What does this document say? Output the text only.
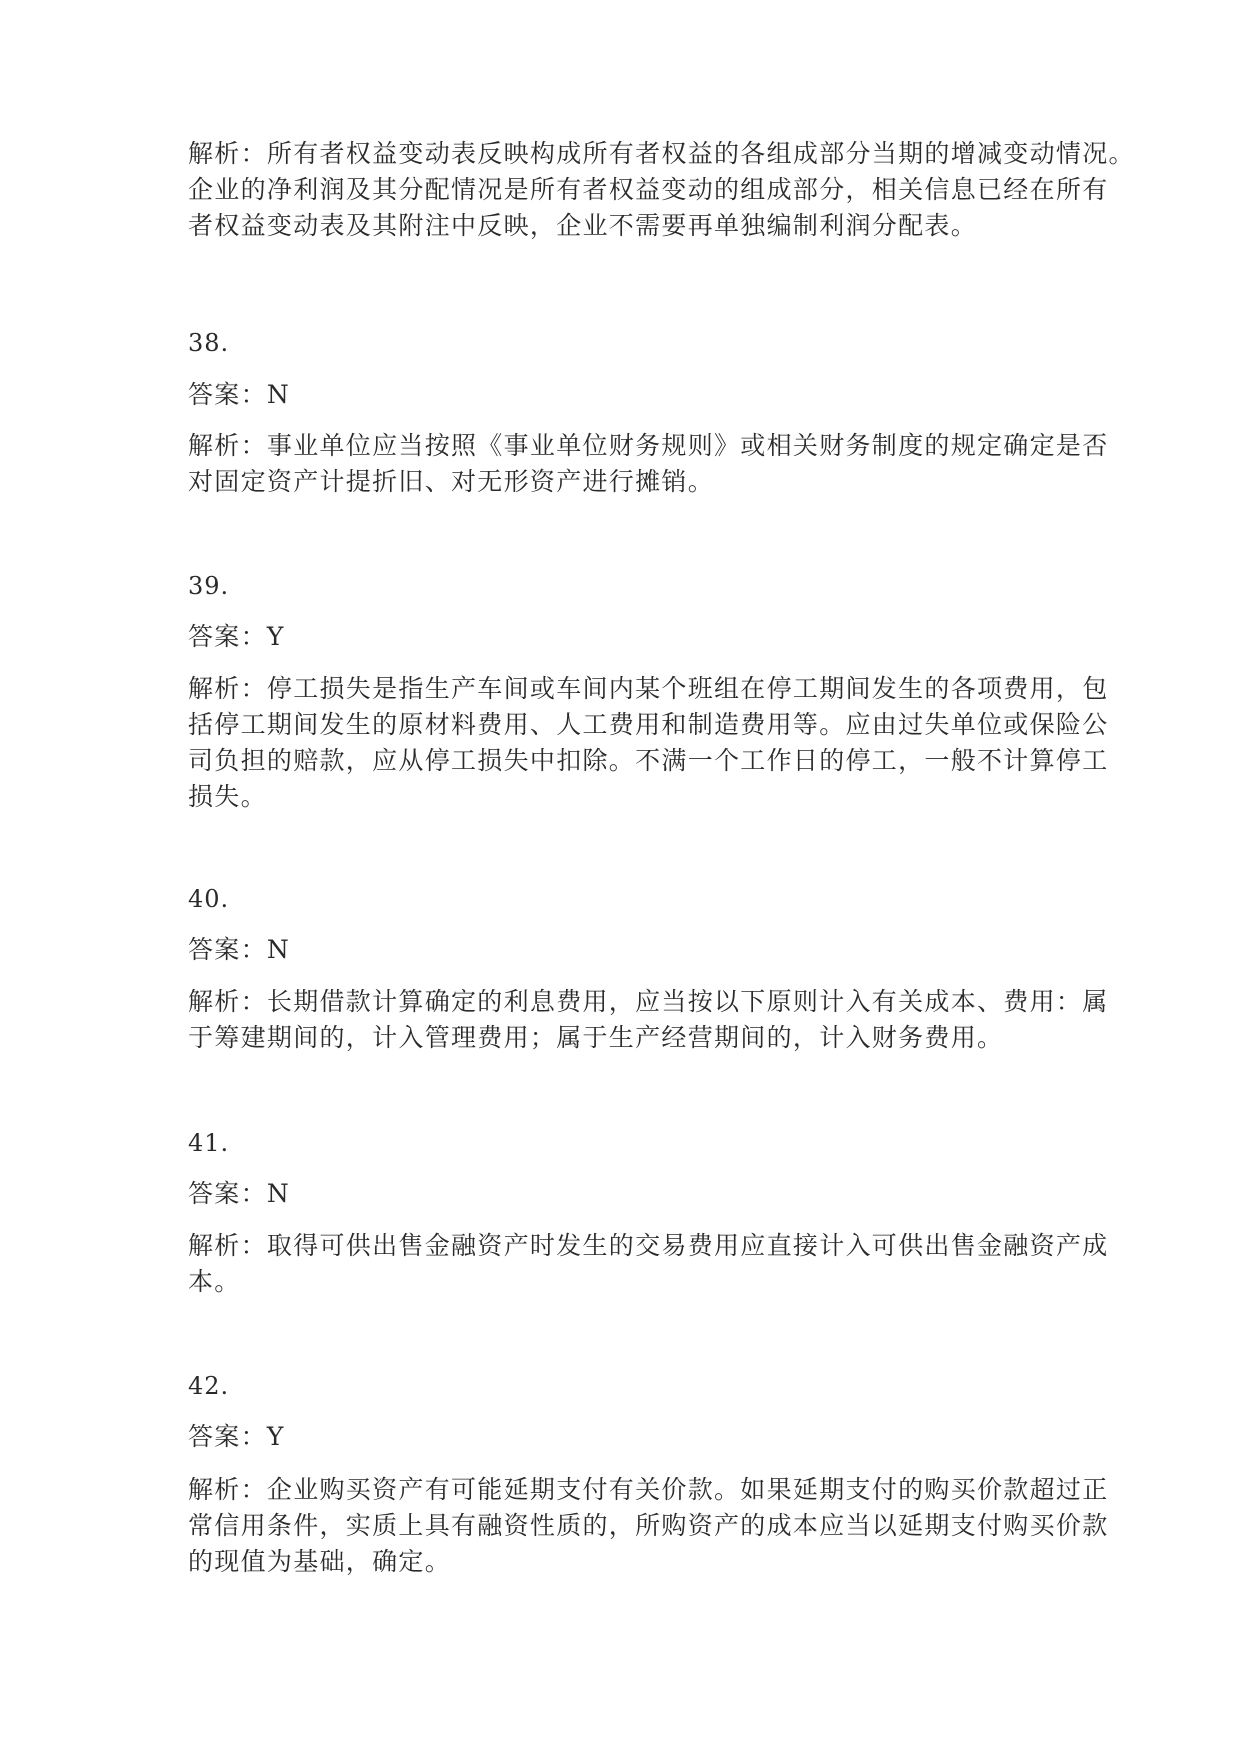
解析：所有者权益变动表反映构成所有者权益的各组成部分当期的增减变动情况。
企业的净利润及其分配情况是所有者权益变动的组成部分，相关信息已经在所有
者权益变动表及其附注中反映，企业不需要再单独编制利润分配表。
38.
答案：N
解析：事业单位应当按照《事业单位财务规则》或相关财务制度的规定确定是否
对固定资产计提折旧、对无形资产进行摊销。
39.
答案：Y
解析：停工损失是指生产车间或车间内某个班组在停工期间发生的各项费用，包
括停工期间发生的原材料费用、人工费用和制造费用等。应由过失单位或保险公
司负担的赔款，应从停工损失中扣除。不满一个工作日的停工，一般不计算停工
损失。
40.
答案：N
解析：长期借款计算确定的利息费用，应当按以下原则计入有关成本、费用：属
于筹建期间的，计入管理费用；属于生产经营期间的，计入财务费用。
41.
答案：N
解析：取得可供出售金融资产时发生的交易费用应直接计入可供出售金融资产成
本。
42.
答案：Y
解析：企业购买资产有可能延期支付有关价款。如果延期支付的购买价款超过正
常信用条件，实质上具有融资性质的，所购资产的成本应当以延期支付购买价款
的现值为基础，确定。
